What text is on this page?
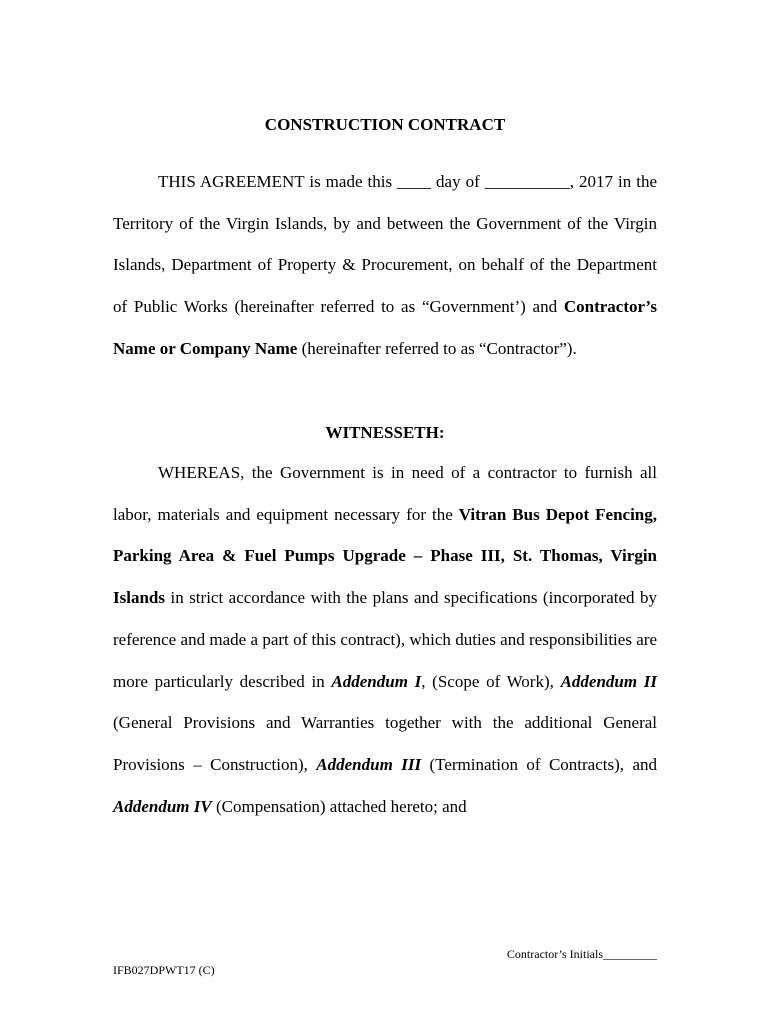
CONSTRUCTION CONTRACT

THIS AGREEMENT is made this ____ day of __________, 2017 in the Territory of the Virgin Islands, by and between the Government of the Virgin Islands, Department of Property & Procurement, on behalf of the Department of Public Works (hereinafter referred to as “Government’) and Contractor’s Name or Company Name (hereinafter referred to as “Contractor”).

WITNESSETH:

WHEREAS, the Government is in need of a contractor to furnish all labor, materials and equipment necessary for the Vitran Bus Depot Fencing, Parking Area & Fuel Pumps Upgrade – Phase III, St. Thomas, Virgin Islands in strict accordance with the plans and specifications (incorporated by reference and made a part of this contract), which duties and responsibilities are more particularly described in Addendum I, (Scope of Work), Addendum II (General Provisions and Warranties together with the additional General Provisions – Construction), Addendum III (Termination of Contracts), and Addendum IV (Compensation) attached hereto; and

Contractor’s Initials_________
IFB027DPWT17 (C)
